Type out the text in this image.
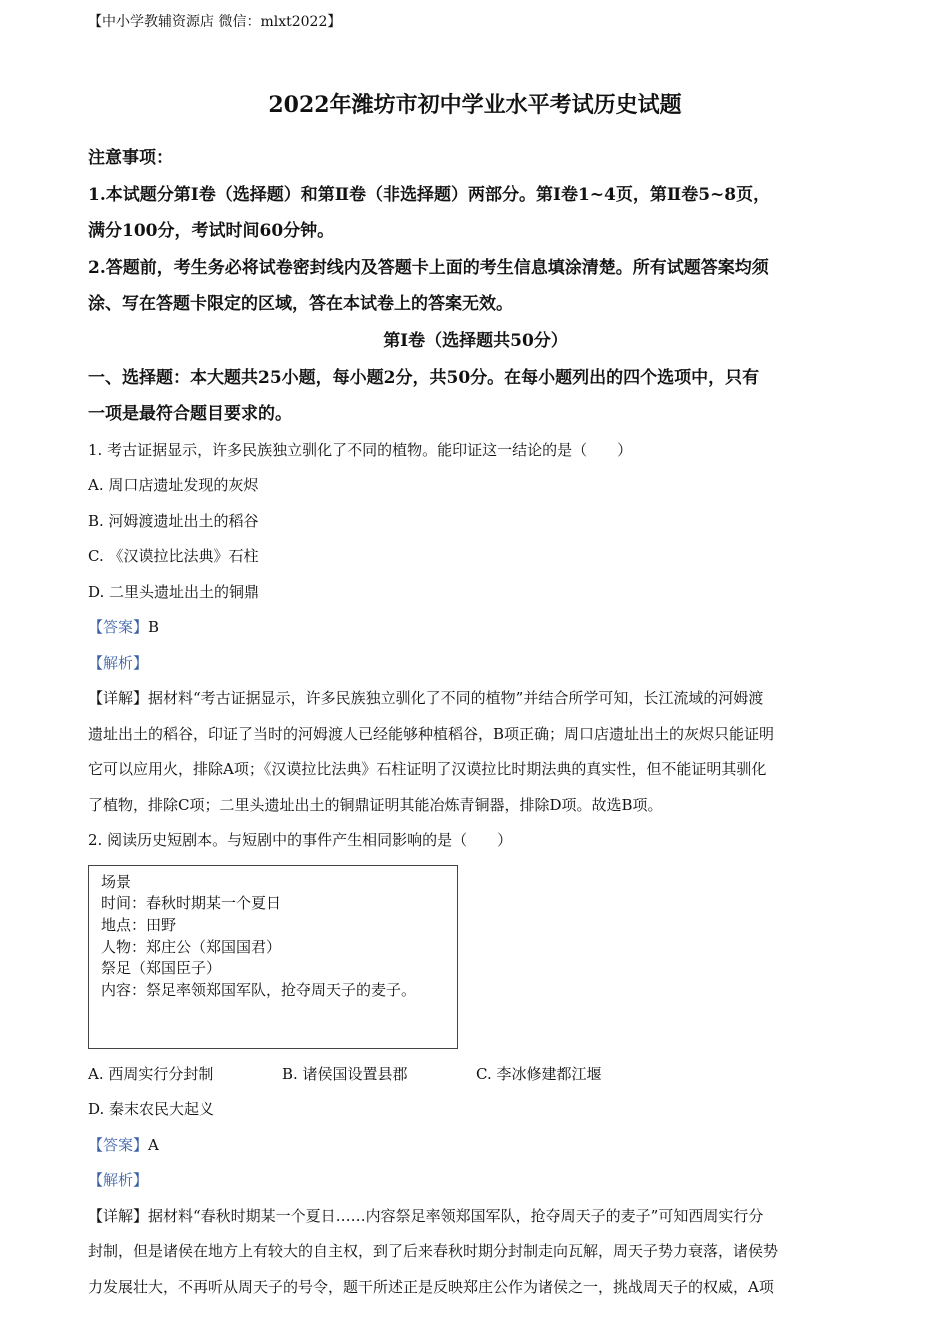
【中小学教辅资源店 微信：mlxt2022】
2022年潍坊市初中学业水平考试历史试题
注意事项：
1.本试题分第Ⅰ卷（选择题）和第Ⅱ卷（非选择题）两部分。第Ⅰ卷1~4页，第Ⅱ卷5~8页，
满分100分，考试时间60分钟。
2.答题前，考生务必将试卷密封线内及答题卡上面的考生信息填涂清楚。所有试题答案均须
涂、写在答题卡限定的区域，答在本试卷上的答案无效。
第Ⅰ卷（选择题共50分）
一、选择题：本大题共25小题，每小题2分，共50分。在每小题列出的四个选项中，只有
一项是最符合题目要求的。
1. 考古证据显示，许多民族独立驯化了不同的植物。能印证这一结论的是（　　）
A. 周口店遗址发现的灰烬
B. 河姆渡遗址出土的稻谷
C. 《汉谟拉比法典》石柱
D. 二里头遗址出土的铜鼎
【答案】B
【解析】
【详解】据材料“考古证据显示，许多民族独立驯化了不同的植物”并结合所学可知，长江流域的河姆渡
遗址出土的稻谷，印证了当时的河姆渡人已经能够种植稻谷，B项正确；周口店遗址出土的灰烬只能证明
它可以应用火，排除A项；《汉谟拉比法典》石柱证明了汉谟拉比时期法典的真实性，但不能证明其驯化
了植物，排除C项；二里头遗址出土的铜鼎证明其能冶炼青铜器，排除D项。故选B项。
2. 阅读历史短剧本。与短剧中的事件产生相同影响的是（　　）
场景
时间：春秋时期某一个夏日
地点：田野
人物：郑庄公（郑国国君）
祭足（郑国臣子）
内容：祭足率领郑国军队，抢夺周天子的麦子。
A. 西周实行分封制	B. 诸侯国设置县郡	C. 李冰修建都江堰
D. 秦末农民大起义
【答案】A
【解析】
【详解】据材料“春秋时期某一个夏日……内容祭足率领郑国军队，抢夺周天子的麦子”可知西周实行分
封制，但是诸侯在地方上有较大的自主权，到了后来春秋时期分封制走向瓦解，周天子势力衰落，诸侯势
力发展壮大，不再听从周天子的号令，题干所述正是反映郑庄公作为诸侯之一，挑战周天子的权威，A项
